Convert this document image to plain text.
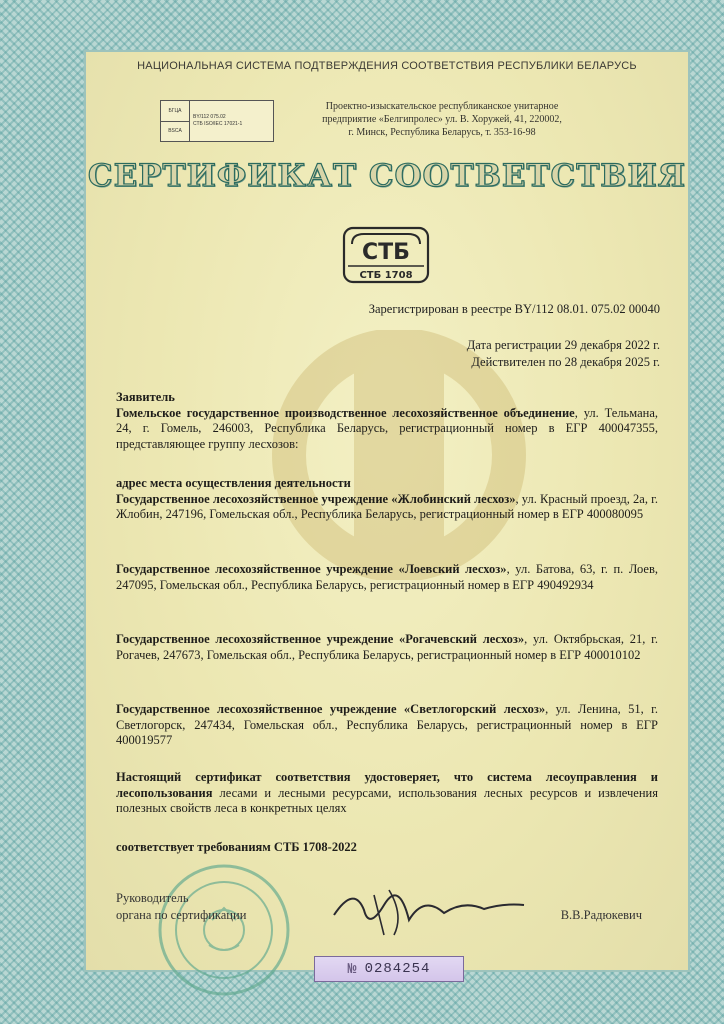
НАЦИОНАЛЬНАЯ СИСТЕМА ПОДТВЕРЖДЕНИЯ СООТВЕТСТВИЯ РЕСПУБЛИКИ БЕЛАРУСЬ
БГЦА
BSCA
BY/112 075.02
СТБ ISO/IEC 17021-1
Проектно-изыскательское республиканское унитарное
предприятие «Белгипролес» ул. В. Хоружей, 41, 220002,
г. Минск, Республика Беларусь, т. 353-16-98
СЕРТИФИКАТ СООТВЕТСТВИЯ
СТБ
СТБ 1708
Зарегистрирован в реестре BY/112 08.01. 075.02 00040
Дата регистрации 29 декабря 2022 г.
Действителен по 28 декабря 2025 г.
Заявитель
Гомельское государственное производственное лесохозяйственное объединение, ул. Тельмана, 24, г. Гомель, 246003, Республика Беларусь, регистрационный номер в ЕГР 400047355, представляющее группу лесхозов:
адрес места осуществления деятельности
Государственное лесохозяйственное учреждение «Жлобинский лесхоз», ул. Красный проезд, 2а, г. Жлобин, 247196, Гомельская обл., Республика Беларусь, регистрационный номер в ЕГР 400080095
Государственное лесохозяйственное учреждение «Лоевский лесхоз», ул. Батова, 63, г. п. Лоев, 247095, Гомельская обл., Республика Беларусь, регистрационный номер в ЕГР 490492934
Государственное лесохозяйственное учреждение «Рогачевский лесхоз», ул. Октябрьская, 21, г. Рогачев, 247673, Гомельская обл., Республика Беларусь, регистрационный номер в ЕГР 400010102
Государственное лесохозяйственное учреждение «Светлогорский лесхоз», ул. Ленина, 51, г. Светлогорск, 247434, Гомельская обл., Республика Беларусь, регистрационный номер в ЕГР 400019577
Настоящий сертификат соответствия удостоверяет, что система лесоуправления и лесопользования лесами и лесными ресурсами, использования лесных ресурсов и извлечения полезных свойств леса в конкретных целях
соответствует требованиям СТБ 1708-2022
Руководитель
органа по сертификации	В.В.Радюкевич
№ 0284254
